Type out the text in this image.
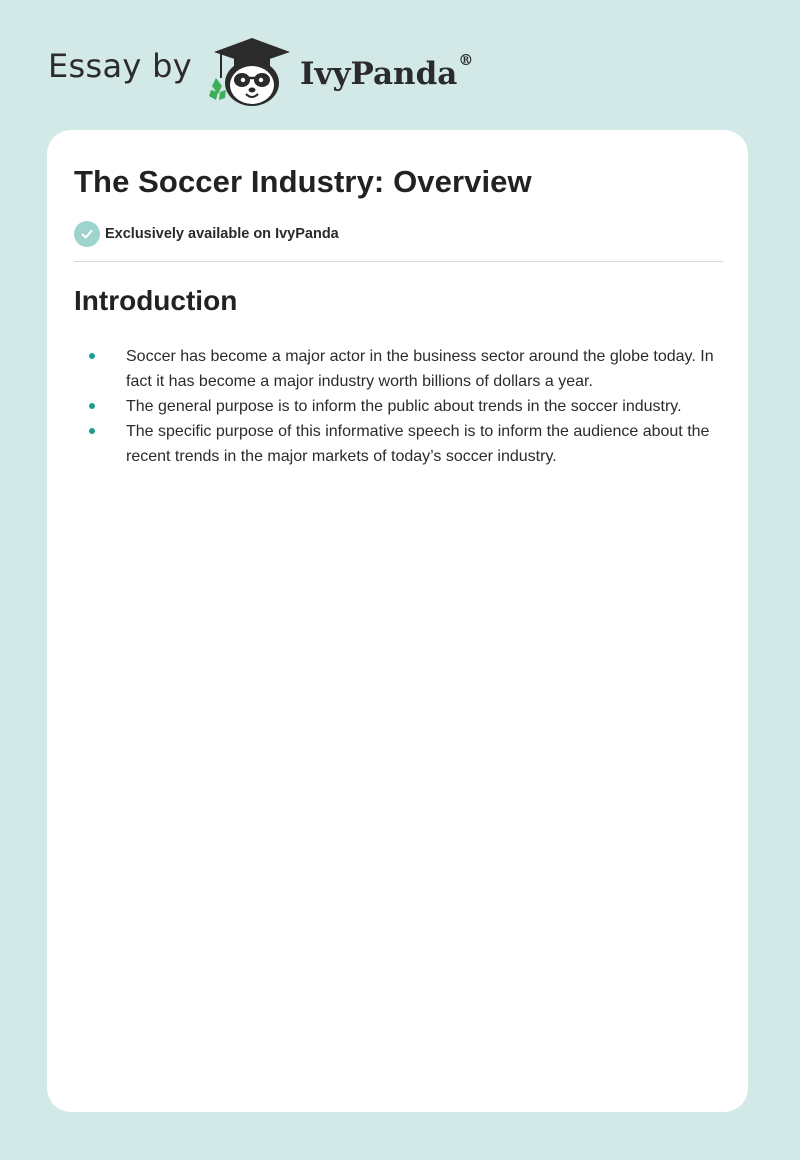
Essay by	IvyPanda®
The Soccer Industry: Overview
Exclusively available on IvyPanda
Introduction
Soccer has become a major actor in the business sector around the globe today. In fact it has become a major industry worth billions of dollars a year.
The general purpose is to inform the public about trends in the soccer industry.
The specific purpose of this informative speech is to inform the audience about the recent trends in the major markets of today’s soccer industry.
